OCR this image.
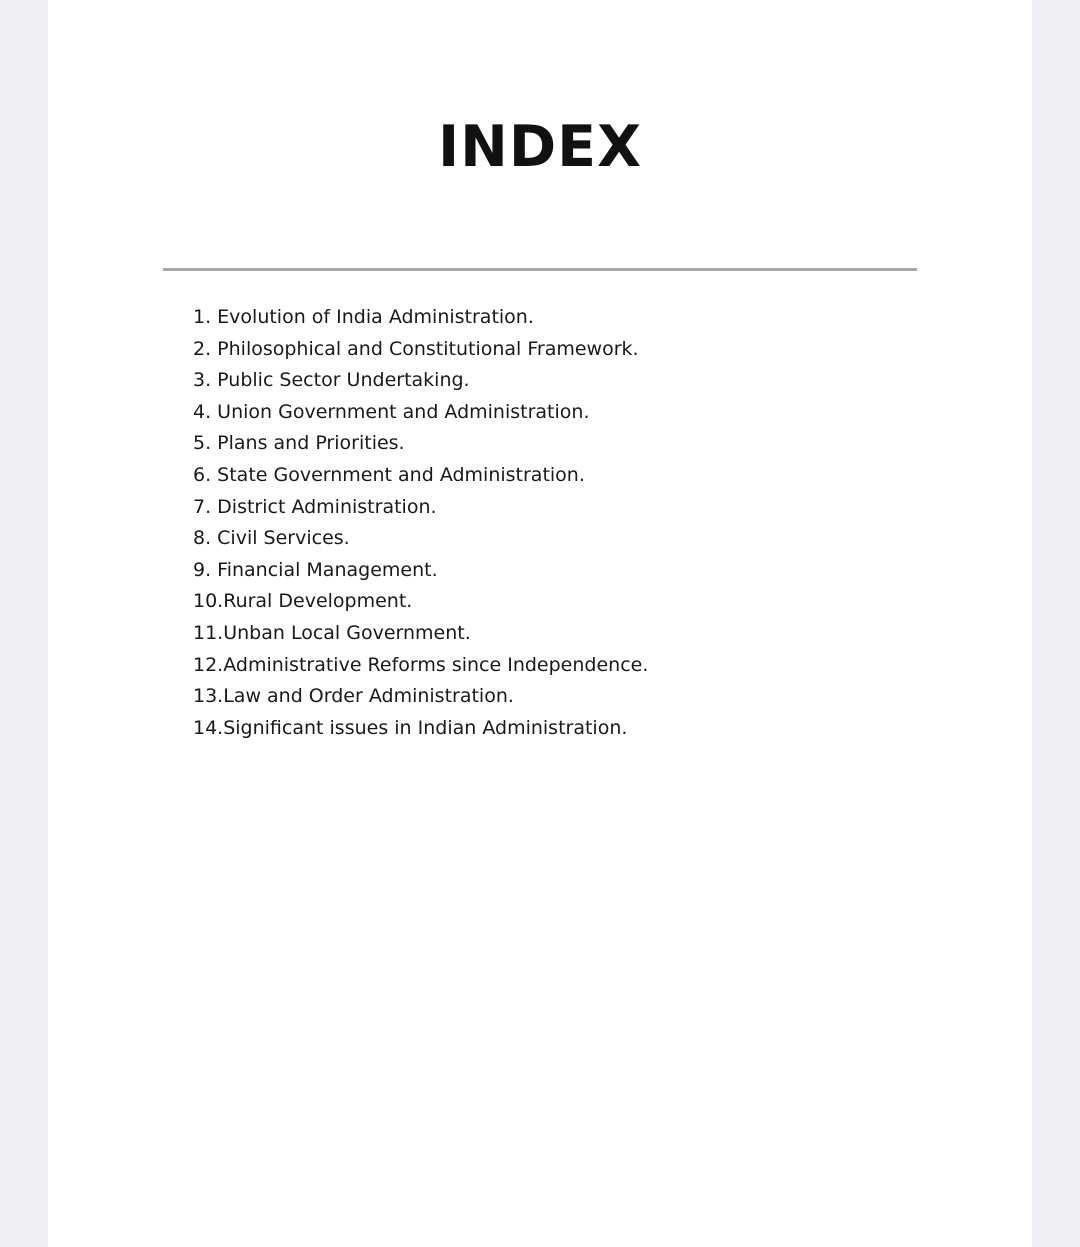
INDEX
1. Evolution of India Administration.
2. Philosophical and Constitutional Framework.
3. Public Sector Undertaking.
4. Union Government and Administration.
5. Plans and Priorities.
6. State Government and Administration.
7. District Administration.
8. Civil Services.
9. Financial Management.
10.Rural Development.
11.Unban Local Government.
12.Administrative Reforms since Independence.
13.Law and Order Administration.
14.Significant issues in Indian Administration.
